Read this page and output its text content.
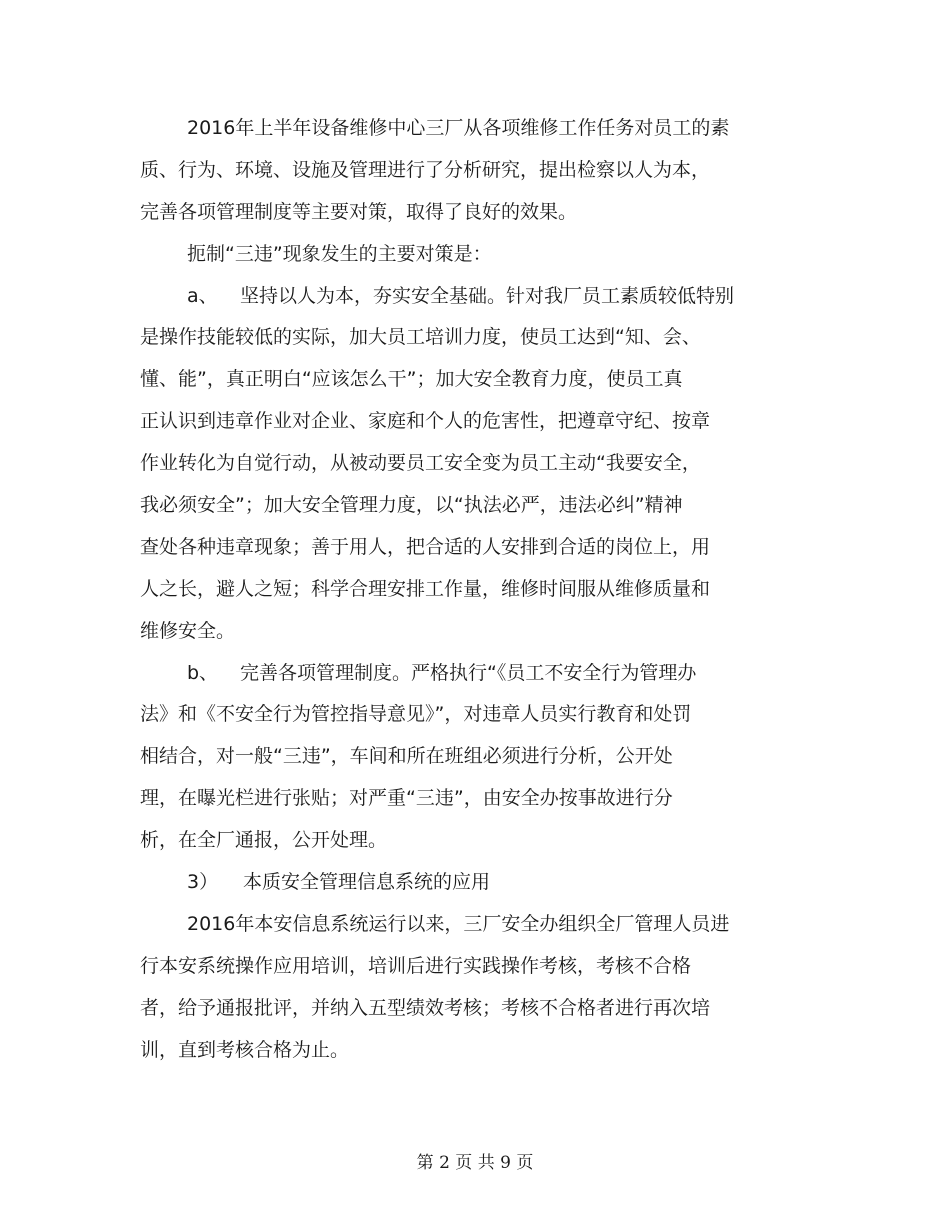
2016年上半年设备维修中心三厂从各项维修工作任务对员工的素
质、行为、环境、设施及管理进行了分析研究，提出检察以人为本，
完善各项管理制度等主要对策，取得了良好的效果。
扼制“三违”现象发生的主要对策是：
a、 坚持以人为本，夯实安全基础。针对我厂员工素质较低特别
是操作技能较低的实际，加大员工培训力度，使员工达到“知、会、
懂、能”，真正明白“应该怎么干”；加大安全教育力度，使员工真
正认识到违章作业对企业、家庭和个人的危害性，把遵章守纪、按章
作业转化为自觉行动，从被动要员工安全变为员工主动“我要安全，
我必须安全”；加大安全管理力度，以“执法必严，违法必纠”精神
查处各种违章现象；善于用人，把合适的人安排到合适的岗位上，用
人之长，避人之短；科学合理安排工作量，维修时间服从维修质量和
维修安全。
b、 完善各项管理制度。严格执行“《员工不安全行为管理办
法》和《不安全行为管控指导意见》”，对违章人员实行教育和处罚
相结合，对一般“三违”，车间和所在班组必须进行分析，公开处
理，在曝光栏进行张贴；对严重“三违”，由安全办按事故进行分
析，在全厂通报，公开处理。
3） 本质安全管理信息系统的应用
2016年本安信息系统运行以来，三厂安全办组织全厂管理人员进
行本安系统操作应用培训，培训后进行实践操作考核，考核不合格
者，给予通报批评，并纳入五型绩效考核；考核不合格者进行再次培
训，直到考核合格为止。
第 2 页 共 9 页
